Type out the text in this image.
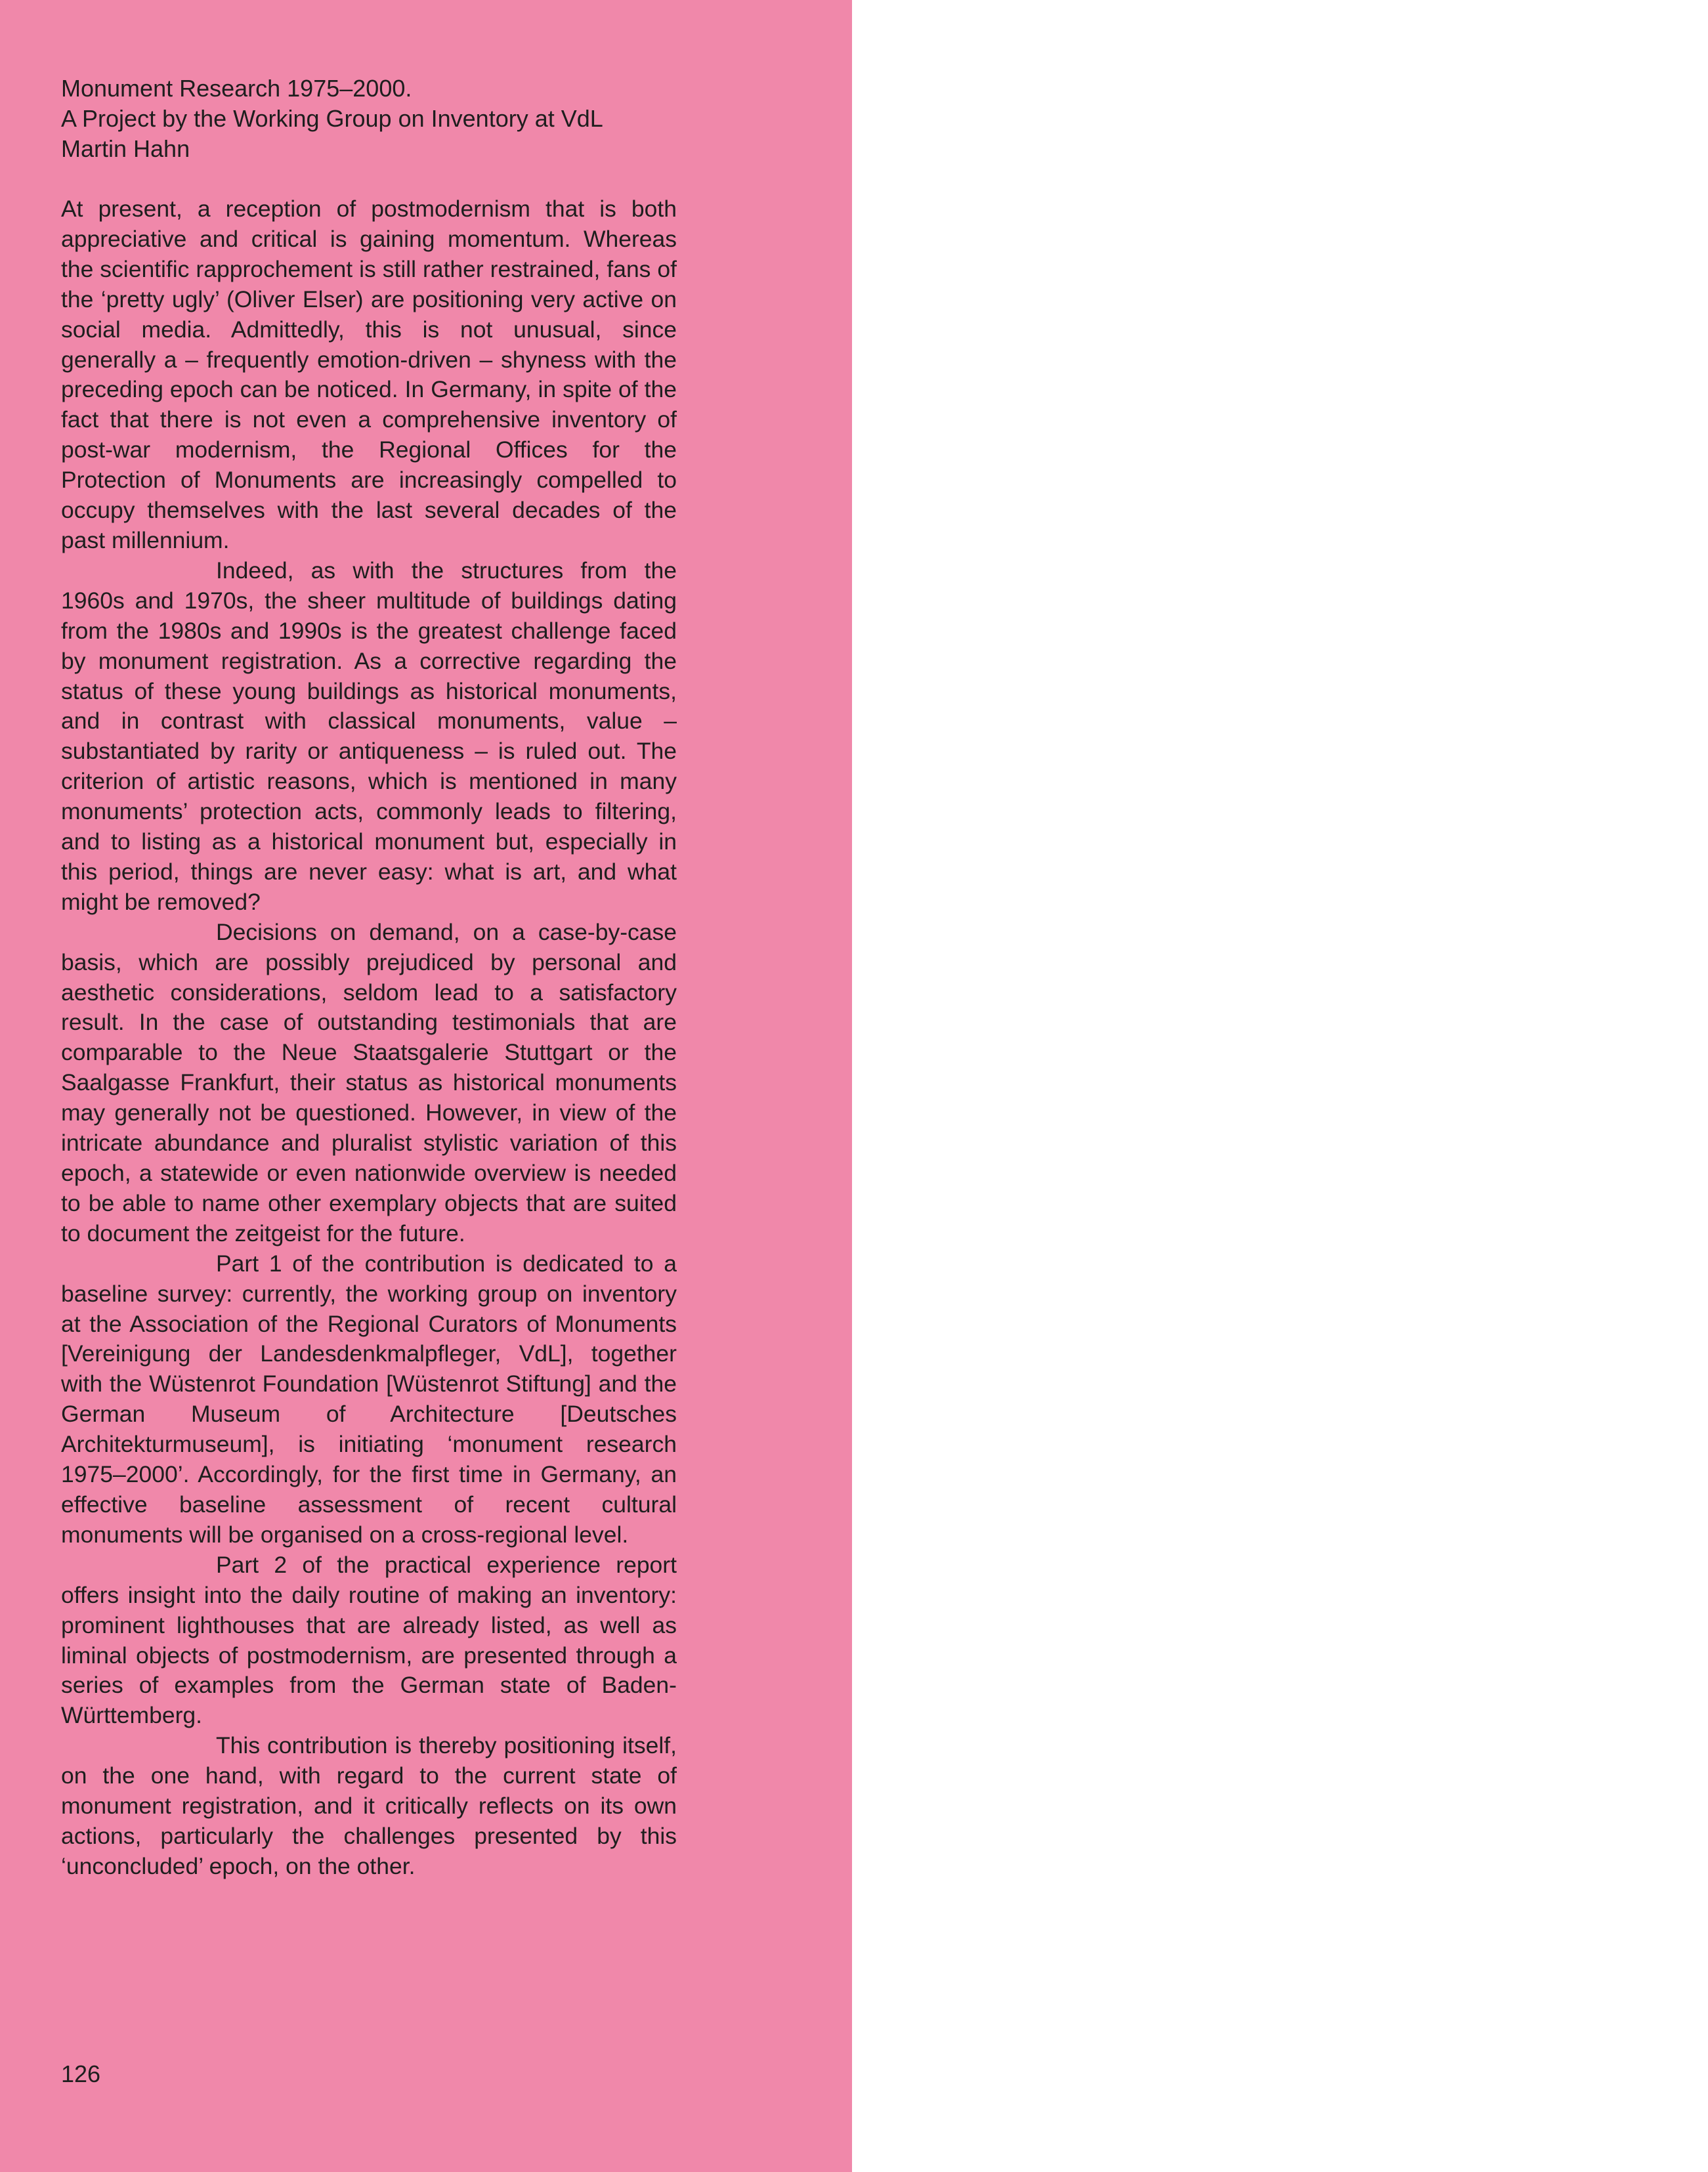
Monument Research 1975–2000.
A Project by the Working Group on Inventory at VdL
Martin Hahn

At present, a reception of postmodernism that is both appreciative and critical is gaining momentum. Whereas the scientific rapprochement is still rather restrained, fans of the ‘pretty ugly’ (Oliver Elser) are positioning very active on social media. Admittedly, this is not unusual, since generally a – frequently emotion-driven – shyness with the preceding epoch can be noticed. In Germany, in spite of the fact that there is not even a comprehensive inventory of post-war modernism, the Regional Offices for the Protection of Monuments are increasingly compelled to occupy themselves with the last several decades of the past millennium.

Indeed, as with the structures from the 1960s and 1970s, the sheer multitude of buildings dating from the 1980s and 1990s is the greatest challenge faced by monument registration. As a corrective regarding the status of these young buildings as historical monuments, and in contrast with classical monuments, value – substantiated by rarity or antiqueness – is ruled out. The criterion of artistic reasons, which is mentioned in many monuments’ protection acts, commonly leads to filtering, and to listing as a historical monument but, especially in this period, things are never easy: what is art, and what might be removed?

Decisions on demand, on a case-by-case basis, which are possibly prejudiced by personal and aesthetic considerations, seldom lead to a satisfactory result. In the case of outstanding testimonials that are comparable to the Neue Staatsgalerie Stuttgart or the Saalgasse Frankfurt, their status as historical monuments may generally not be questioned. However, in view of the intricate abundance and pluralist stylistic variation of this epoch, a statewide or even nationwide overview is needed to be able to name other exemplary objects that are suited to document the zeitgeist for the future.

Part 1 of the contribution is dedicated to a baseline survey: currently, the working group on inventory at the Association of the Regional Curators of Monuments [Vereinigung der Landesdenkmalpfleger, VdL], together with the Wüstenrot Foundation [Wüstenrot Stiftung] and the German Museum of Architecture [Deutsches Architekturmuseum], is initiating ‘monument research 1975–2000’. Accordingly, for the first time in Germany, an effective baseline assessment of recent cultural monuments will be organised on a cross-regional level.

Part 2 of the practical experience report offers insight into the daily routine of making an inventory: prominent lighthouses that are already listed, as well as liminal objects of postmodernism, are presented through a series of examples from the German state of Baden-Württemberg.

This contribution is thereby positioning itself, on the one hand, with regard to the current state of monument registration, and it critically reflects on its own actions, particularly the challenges presented by this ‘unconcluded’ epoch, on the other.

126
